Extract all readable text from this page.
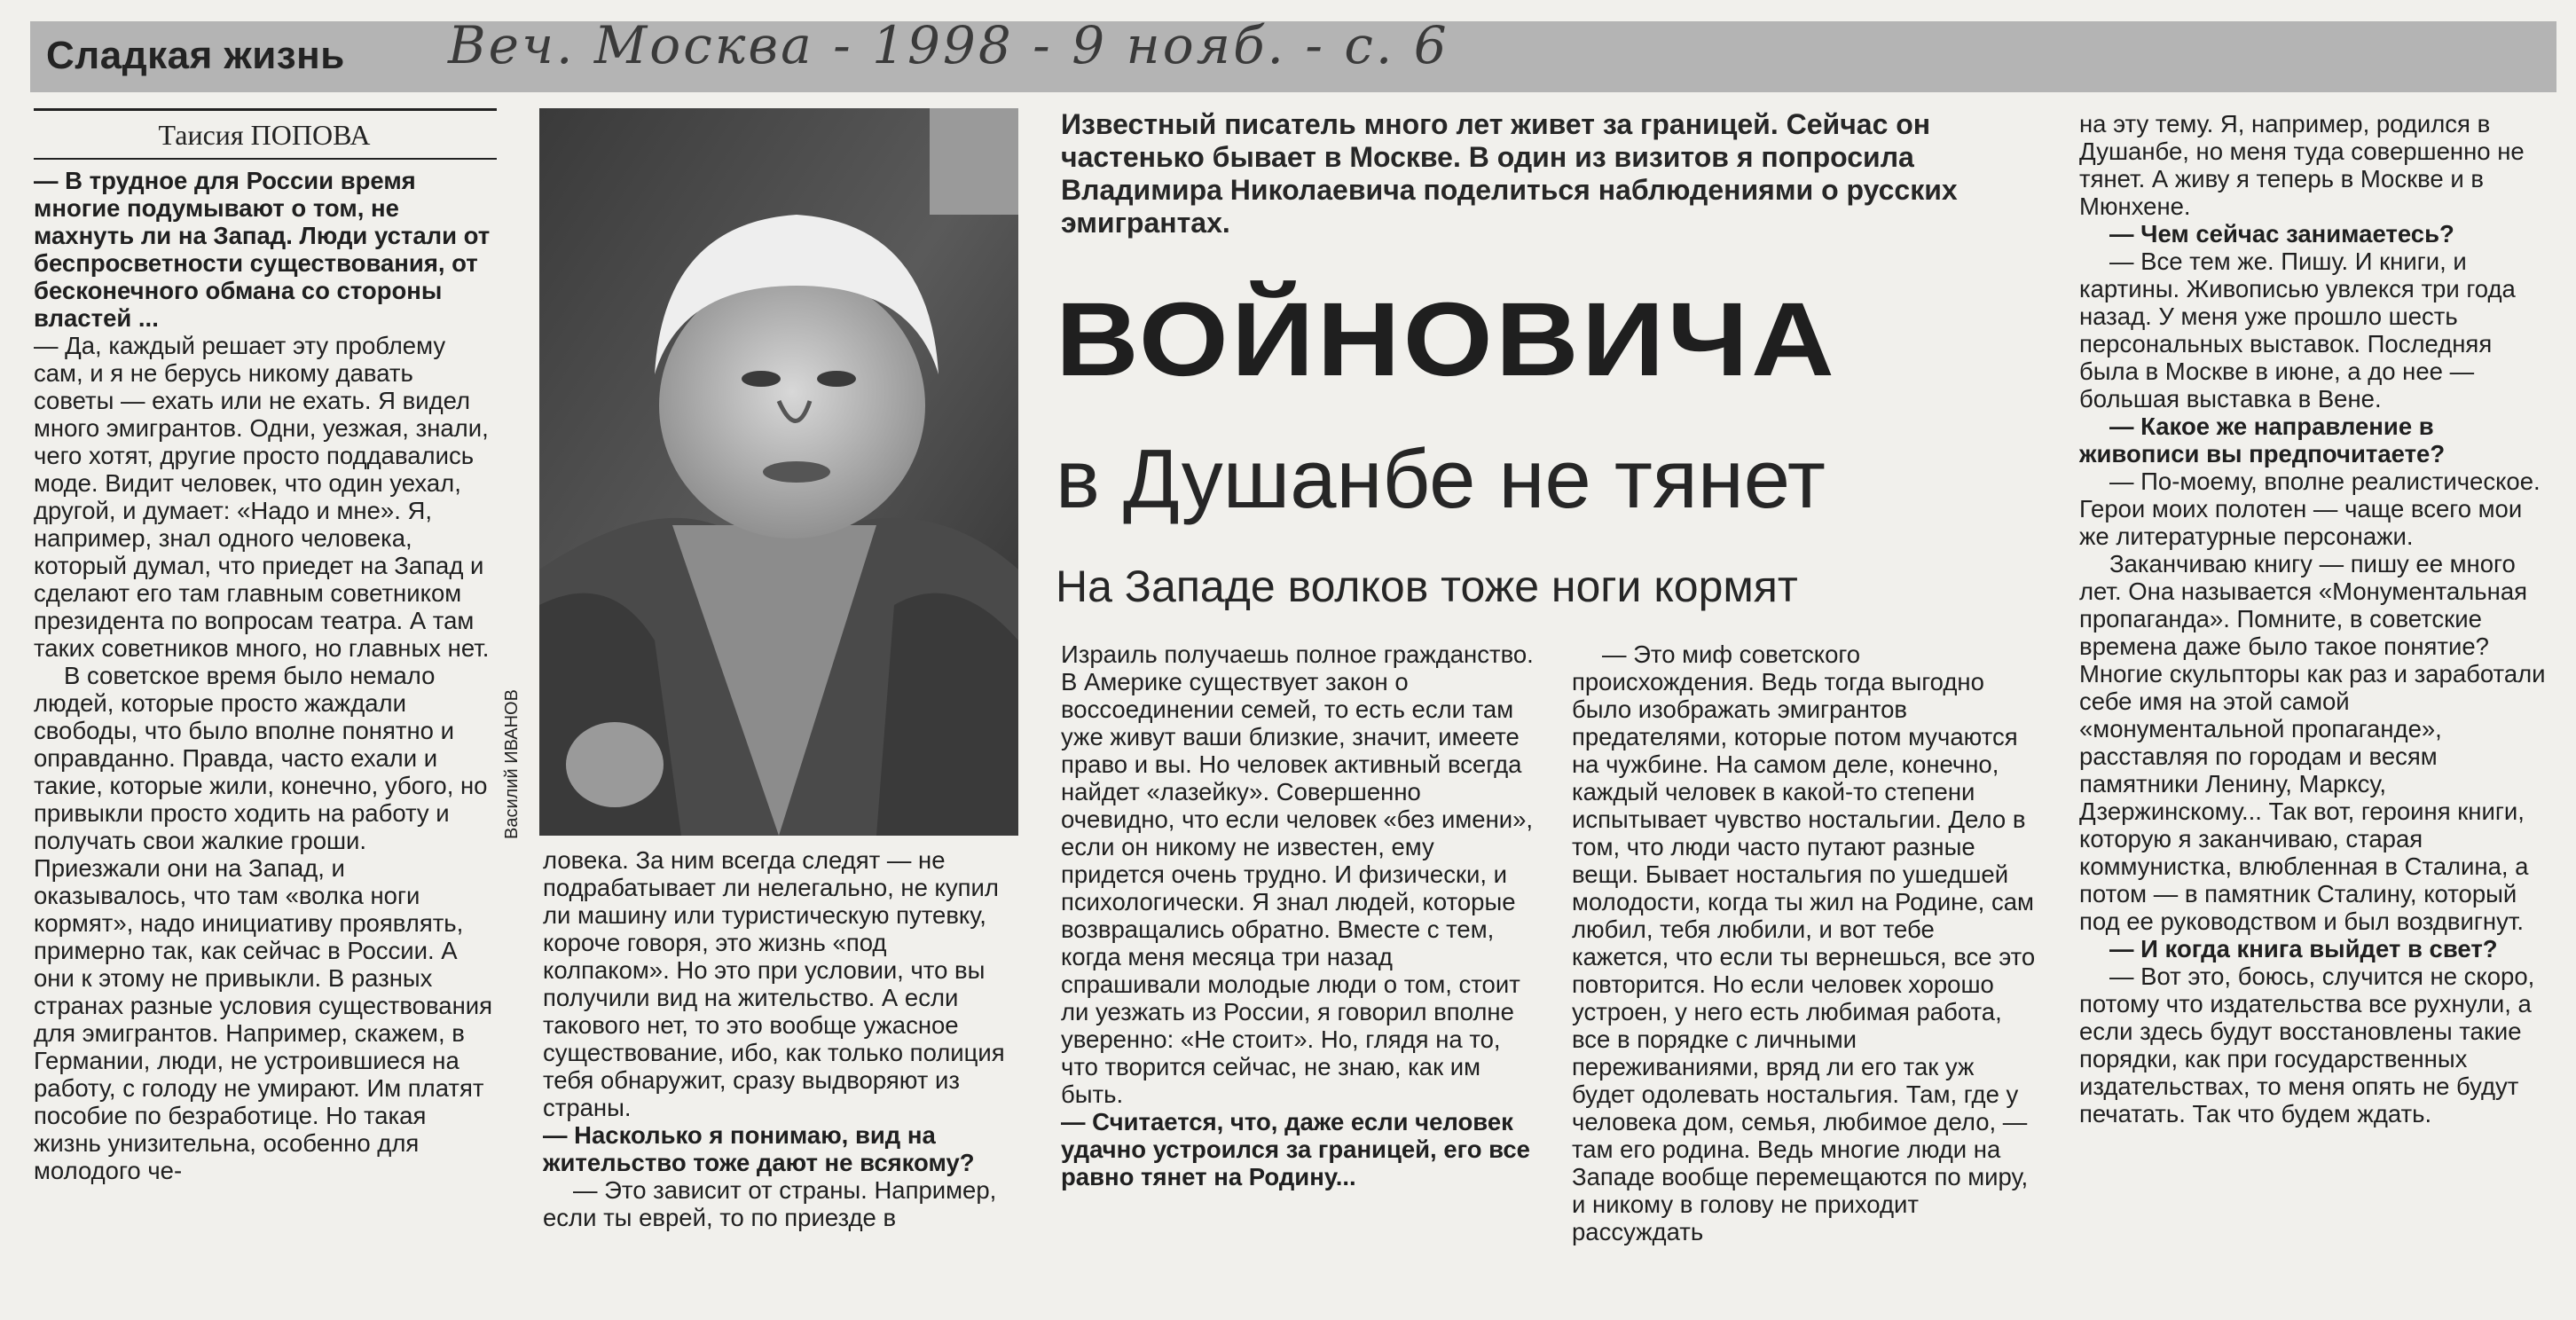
Сладкая жизнь Веч. Москва - 1998 - 9 нояб. - с. 6
Таисия ПОПОВА

— В трудное для России время многие подумывают о том, не махнуть ли на Запад. Люди устали от беспросветности существования, от бесконечного обмана со стороны властей ...

— Да, каждый решает эту проблему сам, и я не берусь никому давать советы — ехать или не ехать. Я видел много эмигрантов. Одни, уезжая, знали, чего хотят, другие просто поддавались моде. Видит человек, что один уехал, другой, и думает: «Надо и мне». Я, например, знал одного человека, который думал, что приедет на Запад и сделают его там главным советником президента по вопросам театра. А там таких советников много, но главных нет.

В советское время было немало людей, которые просто жаждали свободы, что было вполне понятно и оправданно. Правда, часто ехали и такие, которые жили, конечно, убого, но привыкли просто ходить на работу и получать свои жалкие гроши. Приезжали они на Запад, и оказывалось, что там «волка ноги кормят», надо инициативу проявлять, примерно так, как сейчас в России. А они к этому не привыкли. В разных странах разные условия существования для эмигрантов. Например, скажем, в Германии, люди, не устроившиеся на работу, с голоду не умирают. Им платят пособие по безработице. Но такая жизнь унизительна, особенно для молодого че-

Василий ИВАНОВ

ловека. За ним всегда следят — не подрабатывает ли нелегально, не купил ли машину или туристическую путевку, короче говоря, это жизнь «под колпаком». Но это при условии, что вы получили вид на жительство. А если такового нет, то это вообще ужасное существование, ибо, как только полиция тебя обнаружит, сразу выдворяют из страны.

— Насколько я понимаю, вид на жительство тоже дают не всякому?

— Это зависит от страны. Например, если ты еврей, то по приезде в

Известный писатель много лет живет за границей. Сейчас он частенько бывает в Москве. В один из визитов я попросила Владимира Николаевича поделиться наблюдениями о русских эмигрантах.
ВОЙНОВИЧА
в Душанбе не тянет
На Западе волков тоже ноги кормят

Израиль получаешь полное гражданство. В Америке существует закон о воссоединении семей, то есть если там уже живут ваши близкие, значит, имеете право и вы. Но человек активный всегда найдет «лазейку». Совершенно очевидно, что если человек «без имени», если он никому не известен, ему придется очень трудно. И физически, и психологически. Я знал людей, которые возвращались обратно. Вместе с тем, когда меня месяца три назад спрашивали молодые люди о том, стоит ли уезжать из России, я говорил вполне уверенно: «Не стоит». Но, глядя на то, что творится сейчас, не знаю, как им быть.

— Считается, что, даже если человек удачно устроился за границей, его все равно тянет на Родину...

— Это миф советского происхождения. Ведь тогда выгодно было изображать эмигрантов предателями, которые потом мучаются на чужбине. На самом деле, конечно, каждый человек в какой-то степени испытывает чувство ностальгии. Дело в том, что люди часто путают разные вещи. Бывает ностальгия по ушедшей молодости, когда ты жил на Родине, сам любил, тебя любили, и вот тебе кажется, что если ты вернешься, все это повторится. Но если человек хорошо устроен, у него есть любимая работа, все в порядке с личными переживаниями, вряд ли его так уж будет одолевать ностальгия. Там, где у человека дом, семья, любимое дело, — там его родина. Ведь многие люди на Западе вообще перемещаются по миру, и никому в голову не приходит рассуждать

на эту тему. Я, например, родился в Душанбе, но меня туда совершенно не тянет. А живу я теперь в Москве и в Мюнхене.

— Чем сейчас занимаетесь?

— Все тем же. Пишу. И книги, и картины. Живописью увлекся три года назад. У меня уже прошло шесть персональных выставок. Последняя была в Москве в июне, а до нее — большая выставка в Вене.

— Какое же направление в живописи вы предпочитаете?

— По-моему, вполне реалистическое. Герои моих полотен — чаще всего мои же литературные персонажи.

Заканчиваю книгу — пишу ее много лет. Она называется «Монументальная пропаганда». Помните, в советские времена даже было такое понятие? Многие скульпторы как раз и заработали себе имя на этой самой «монументальной пропаганде», расставляя по городам и весям памятники Ленину, Марксу, Дзержинскому... Так вот, героиня книги, которую я заканчиваю, старая коммунистка, влюбленная в Сталина, а потом — в памятник Сталину, который под ее руководством и был воздвигнут.

— И когда книга выйдет в свет?

— Вот это, боюсь, случится не скоро, потому что издательства все рухнули, а если здесь будут восстановлены такие порядки, как при государственных издательствах, то меня опять не будут печатать. Так что будем ждать.
